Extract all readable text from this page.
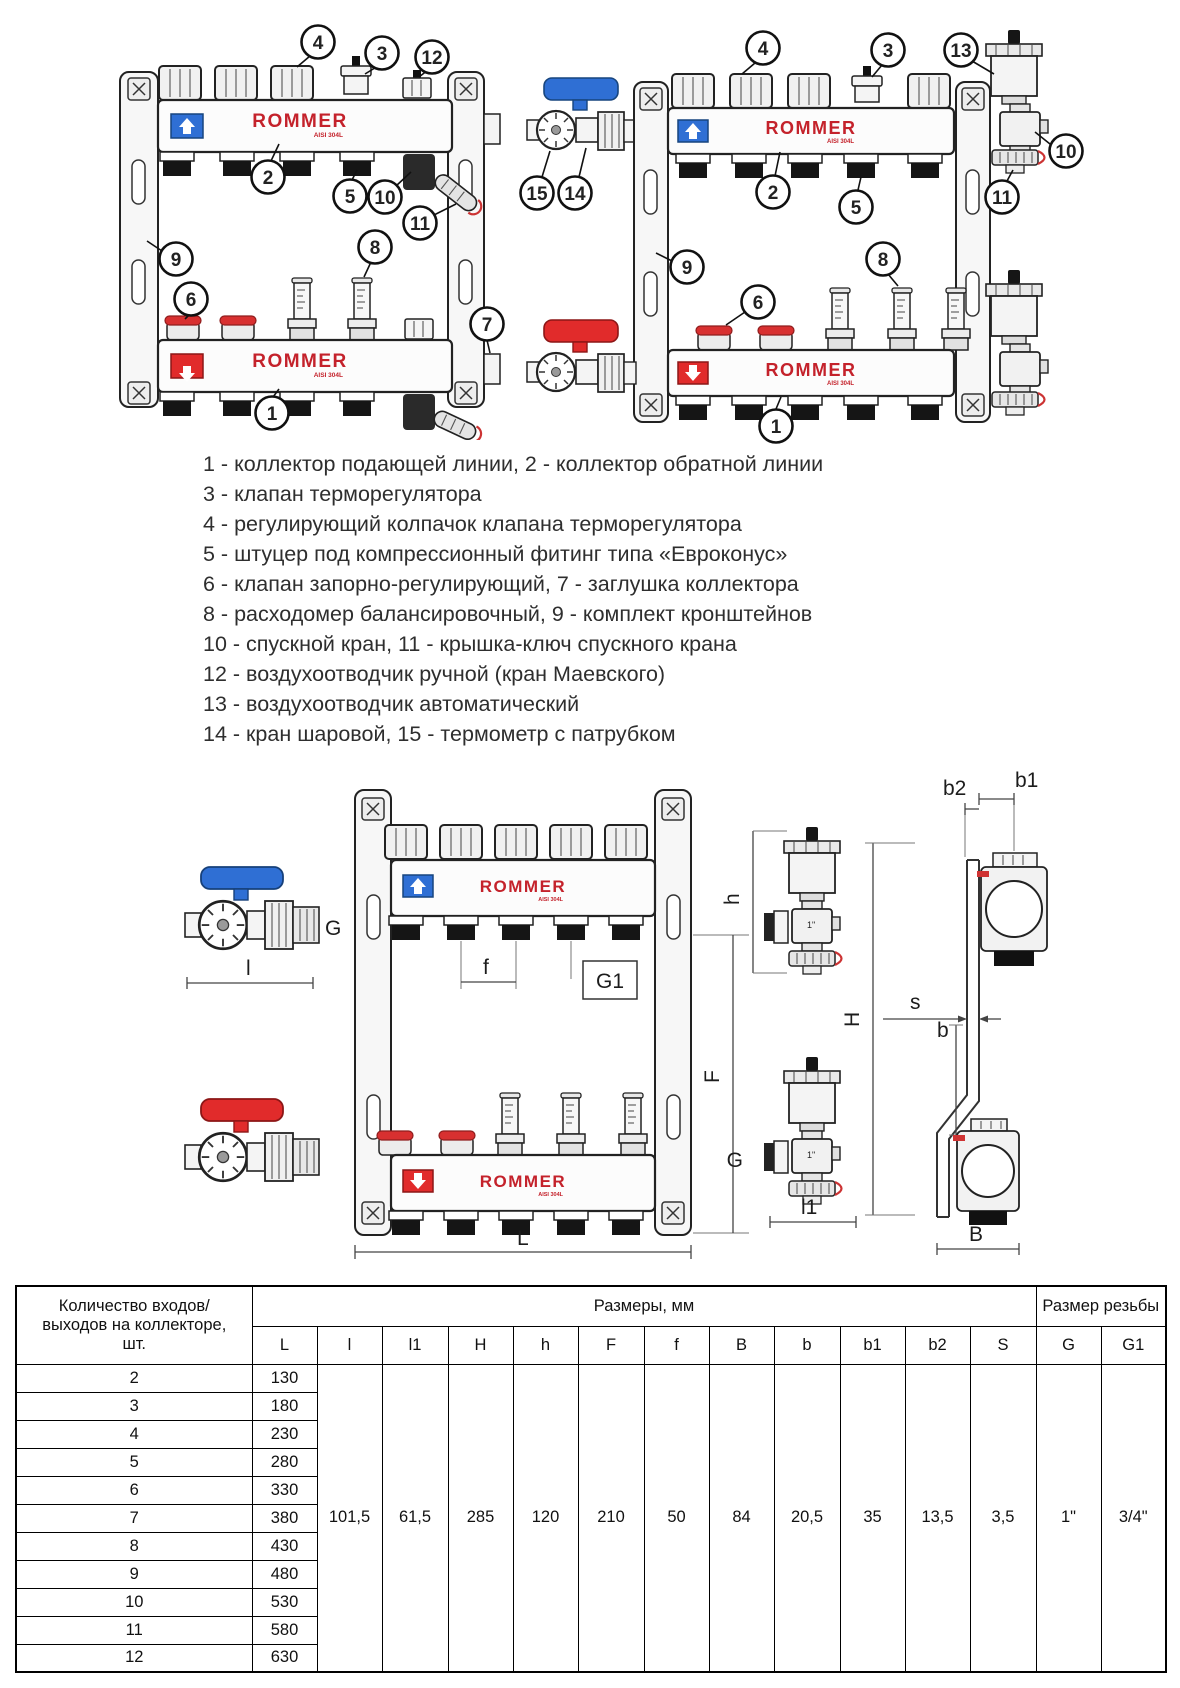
ROMMER
AISI 304L
ROMMER
AISI 304L
4
3 12
2
5 10
11
9
8
6
7
1
ROMMER
AISI 304L
ROMMER
AISI 304L
4	3	13
15 14	2
5
9
6
8
10
11
1
1 - коллектор подающей линии, 2 - коллектор обратной линии
3 - клапан терморегулятора
4 - регулирующий колпачок клапана терморегулятора
5 - штуцер под компрессионный фитинг типа «Евроконус»
6 - клапан запорно-регулирующий, 7 - заглушка коллектора
8 - расходомер балансировочный, 9 - комплект кронштейнов
10 - спускной кран, 11 - крышка-ключ спускного крана
12 - воздухоотводчик ручной (кран Маевского)
13 - воздухоотводчик автоматический
14 - кран шаровой, 15 - термометр с патрубком
G
l
ROMMER
AISI 304L
f
G1
ROMMER
AISI 304L
L
F
1"
h
1"
G
l1
H
b1
b2
s
b
B
Количество входов/выходов на коллекторе, шт.	Размеры, мм												Размер резьбы	
	L	l	l1	H	h	F	f	B	b	b1	b2	S	G	G1
2	130	101,5	61,5	285	120	210	50	84	20,5	35	13,5	3,5	1"	3/4"
3	180													
4	230													
5	280													
6	330													
7	380													
8	430													
9	480													
10	530													
11	580													
12	630													
